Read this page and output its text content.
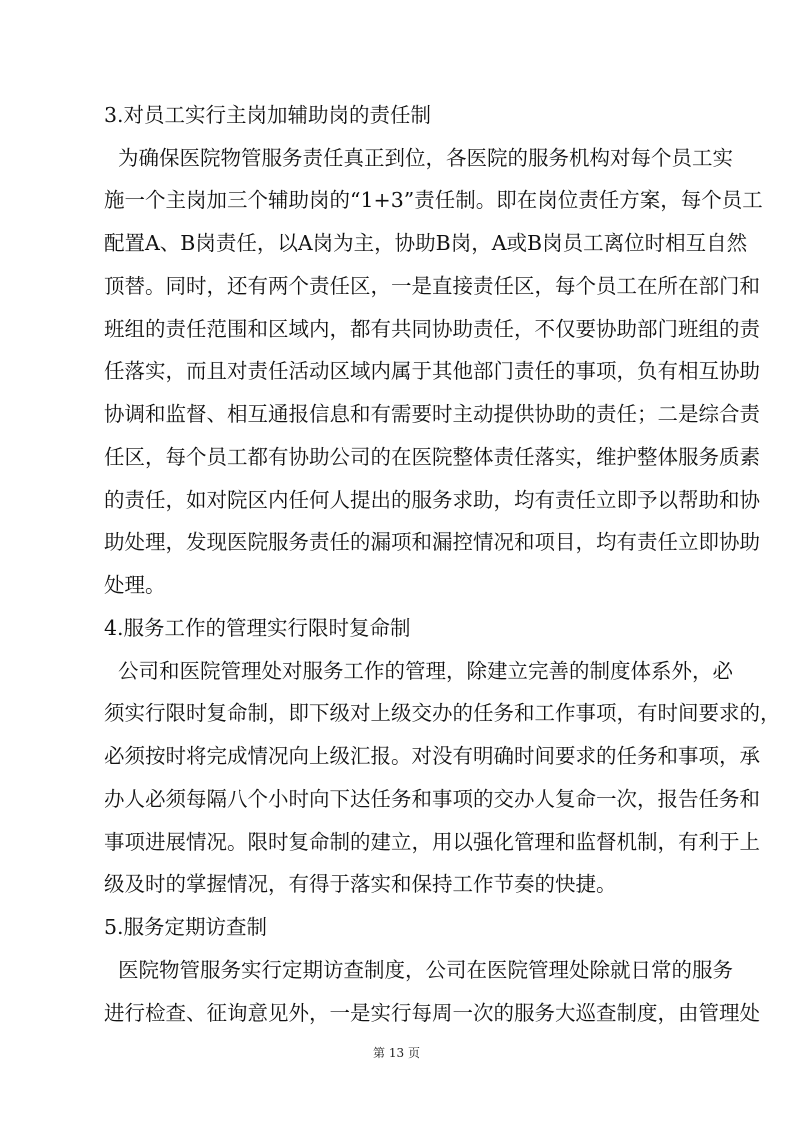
3.对员工实行主岗加辅助岗的责任制
为确保医院物管服务责任真正到位，各医院的服务机构对每个员工实
施一个主岗加三个辅助岗的“1+3”责任制。即在岗位责任方案，每个员工
配置A、B岗责任，以A岗为主，协助B岗，A或B岗员工离位时相互自然
顶替。同时，还有两个责任区，一是直接责任区，每个员工在所在部门和
班组的责任范围和区域内，都有共同协助责任，不仅要协助部门班组的责
任落实，而且对责任活动区域内属于其他部门责任的事项，负有相互协助
协调和监督、相互通报信息和有需要时主动提供协助的责任；二是综合责
任区，每个员工都有协助公司的在医院整体责任落实，维护整体服务质素
的责任，如对院区内任何人提出的服务求助，均有责任立即予以帮助和协
助处理，发现医院服务责任的漏项和漏控情况和项目，均有责任立即协助
处理。
4.服务工作的管理实行限时复命制
公司和医院管理处对服务工作的管理，除建立完善的制度体系外，必
须实行限时复命制，即下级对上级交办的任务和工作事项，有时间要求的，
必须按时将完成情况向上级汇报。对没有明确时间要求的任务和事项，承
办人必须每隔八个小时向下达任务和事项的交办人复命一次，报告任务和
事项进展情况。限时复命制的建立，用以强化管理和监督机制，有利于上
级及时的掌握情况，有得于落实和保持工作节奏的快捷。
5.服务定期访查制
医院物管服务实行定期访查制度，公司在医院管理处除就日常的服务
进行检查、征询意见外，一是实行每周一次的服务大巡查制度，由管理处
第 13 页
